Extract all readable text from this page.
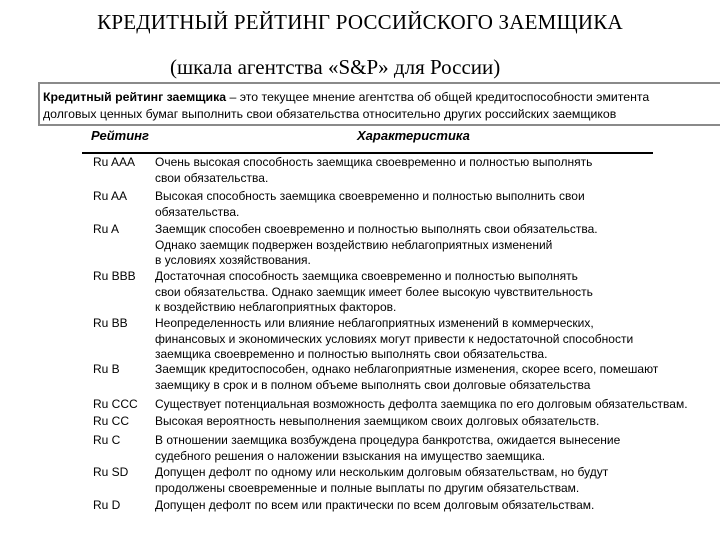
КРЕДИТНЫЙ РЕЙТИНГ РОССИЙСКОГО ЗАЕМЩИКА
(шкала агентства «S&P» для России)
Кредитный рейтинг заемщика – это текущее мнение агентства об общей кредитоспособности эмитента
долговых ценных бумаг выполнить свои обязательства относительно других российских заемщиков
Рейтинг	Характеристика
Ru AAA Очень высокая способность заемщика своевременно и полностью выполнять
свои обязательства.
Ru AA Высокая способность заемщика своевременно и полностью выполнить свои
обязательства.
Ru A	Заемщик способен своевременно и полностью выполнять свои обязательства.
Однако заемщик подвержен воздействию неблагоприятных изменений
в условиях хозяйствования.
Ru BBB Достаточная способность заемщика своевременно и полностью выполнять
свои обязательства. Однако заемщик имеет более высокую чувствительность
к воздействию неблагоприятных факторов.
Ru BB Неопределенность или влияние неблагоприятных изменений в коммерческих,
финансовых и экономических условиях могут привести к недостаточной способности
заемщика своевременно и полностью выполнять свои обязательства.
Ru B	Заемщик кредитоспособен, однако неблагоприятные изменения, скорее всего, помешают
заемщику в срок и в полном объеме выполнять свои долговые обязательства
Ru CCC Существует потенциальная возможность дефолта заемщика по его долговым обязательствам.
Ru CC Высокая вероятность невыполнения заемщиком своих долговых обязательств.
Ru C	В отношении заемщика возбуждена процедура банкротства, ожидается вынесение
судебного решения о наложении взыскания на имущество заемщика.
Ru SD Допущен дефолт по одному или нескольким долговым обязательствам, но будут
продолжены своевременные и полные выплаты по другим обязательствам.
Ru D	Допущен дефолт по всем или практически по всем долговым обязательствам.
